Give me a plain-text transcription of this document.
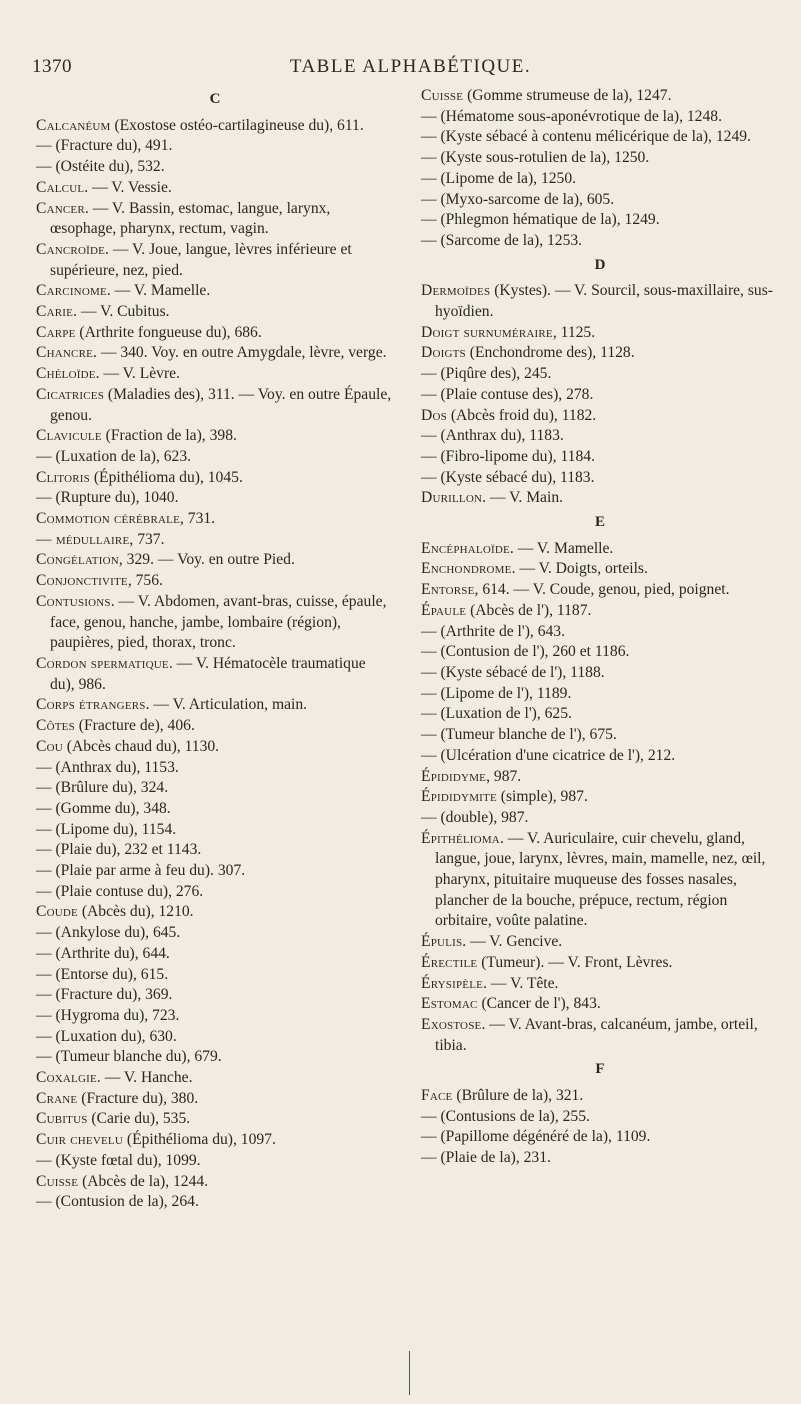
1370	TABLE ALPHABÉTIQUE.
C
Calcanéum (Exostose ostéo-cartilagineuse du), 611.
— (Fracture du), 491.
— (Ostéite du), 532.
Calcul. — V. Vessie.
Cancer. — V. Bassin, estomac, langue, larynx, œsophage, pharynx, rectum, vagin.
Cancroïde. — V. Joue, langue, lèvres inférieure et supérieure, nez, pied.
Carcinome. — V. Mamelle.
Carie. — V. Cubitus.
Carpe (Arthrite fongueuse du), 686.
Chancre. — 340. Voy. en outre Amygdale, lèvre, verge.
Chéloïde. — V. Lèvre.
Cicatrices (Maladies des), 311. — Voy. en outre Épaule, genou.
Clavicule (Fraction de la), 398.
— (Luxation de la), 623.
Clitoris (Épithélioma du), 1045.
— (Rupture du), 1040.
Commotion cérébrale, 731.
— médullaire, 737.
Congélation, 329. — Voy. en outre Pied.
Conjonctivite, 756.
Contusions. — V. Abdomen, avant-bras, cuisse, épaule, face, genou, hanche, jambe, lombaire (région), paupières, pied, thorax, tronc.
Cordon spermatique. — V. Hématocèle traumatique du), 986.
Corps étrangers. — V. Articulation, main.
Côtes (Fracture de), 406.
Cou (Abcès chaud du), 1130.
— (Anthrax du), 1153.
— (Brûlure du), 324.
— (Gomme du), 348.
— (Lipome du), 1154.
— (Plaie du), 232 et 1143.
— (Plaie par arme à feu du). 307.
— (Plaie contuse du), 276.
Coude (Abcès du), 1210.
— (Ankylose du), 645.
— (Arthrite du), 644.
— (Entorse du), 615.
— (Fracture du), 369.
— (Hygroma du), 723.
— (Luxation du), 630.
— (Tumeur blanche du), 679.
Coxalgie. — V. Hanche.
Crane (Fracture du), 380.
Cubitus (Carie du), 535.
Cuir chevelu (Épithélioma du), 1097.
— (Kyste fœtal du), 1099.
Cuisse (Abcès de la), 1244.
— (Contusion de la), 264.
Cuisse (Gomme strumeuse de la), 1247.
— (Hématome sous-aponévrotique de la), 1248.
— (Kyste sébacé à contenu mélicérique de la), 1249.
— (Kyste sous-rotulien de la), 1250.
— (Lipome de la), 1250.
— (Myxo-sarcome de la), 605.
— (Phlegmon hématique de la), 1249.
— (Sarcome de la), 1253.
D
Dermoïdes (Kystes). — V. Sourcil, sous-maxillaire, sus-hyoïdien.
Doigt surnuméraire, 1125.
Doigts (Enchondrome des), 1128.
— (Piqûre des), 245.
— (Plaie contuse des), 278.
Dos (Abcès froid du), 1182.
— (Anthrax du), 1183.
— (Fibro-lipome du), 1184.
— (Kyste sébacé du), 1183.
Durillon. — V. Main.
E
Encéphaloïde. — V. Mamelle.
Enchondrome. — V. Doigts, orteils.
Entorse, 614. — V. Coude, genou, pied, poignet.
Épaule (Abcès de l'), 1187.
— (Arthrite de l'), 643.
— (Contusion de l'), 260 et 1186.
— (Kyste sébacé de l'), 1188.
— (Lipome de l'), 1189.
— (Luxation de l'), 625.
— (Tumeur blanche de l'), 675.
— (Ulcération d'une cicatrice de l'), 212.
Épididyme, 987.
Épididymite (simple), 987.
— (double), 987.
Épithélioma. — V. Auriculaire, cuir chevelu, gland, langue, joue, larynx, lèvres, main, mamelle, nez, œil, pharynx, pituitaire muqueuse des fosses nasales, plancher de la bouche, prépuce, rectum, région orbitaire, voûte palatine.
Épulis. — V. Gencive.
Érectile (Tumeur). — V. Front, Lèvres.
Érysipèle. — V. Tête.
Estomac (Cancer de l'), 843.
Exostose. — V. Avant-bras, calcanéum, jambe, orteil, tibia.
F
Face (Brûlure de la), 321.
— (Contusions de la), 255.
— (Papillome dégénéré de la), 1109.
— (Plaie de la), 231.
